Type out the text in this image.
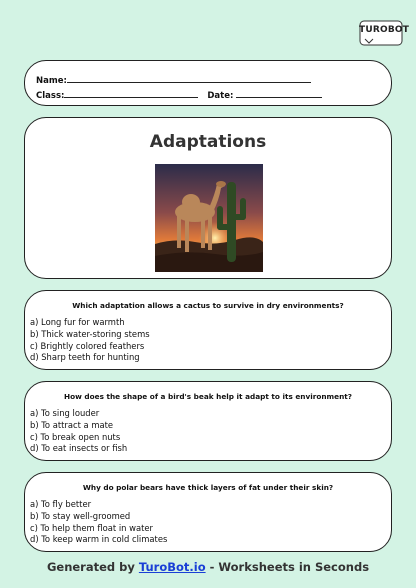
TUROBOT
Name:
Class:	Date:
Adaptations
Which adaptation allows a cactus to survive in dry environments?
a) Long fur for warmth
b) Thick water-storing stems
c) Brightly colored feathers
d) Sharp teeth for hunting
How does the shape of a bird's beak help it adapt to its environment?
a) To sing louder
b) To attract a mate
c) To break open nuts
d) To eat insects or fish
Why do polar bears have thick layers of fat under their skin?
a) To fly better
b) To stay well-groomed
c) To help them float in water
d) To keep warm in cold climates
Generated by TuroBot.io - Worksheets in Seconds
